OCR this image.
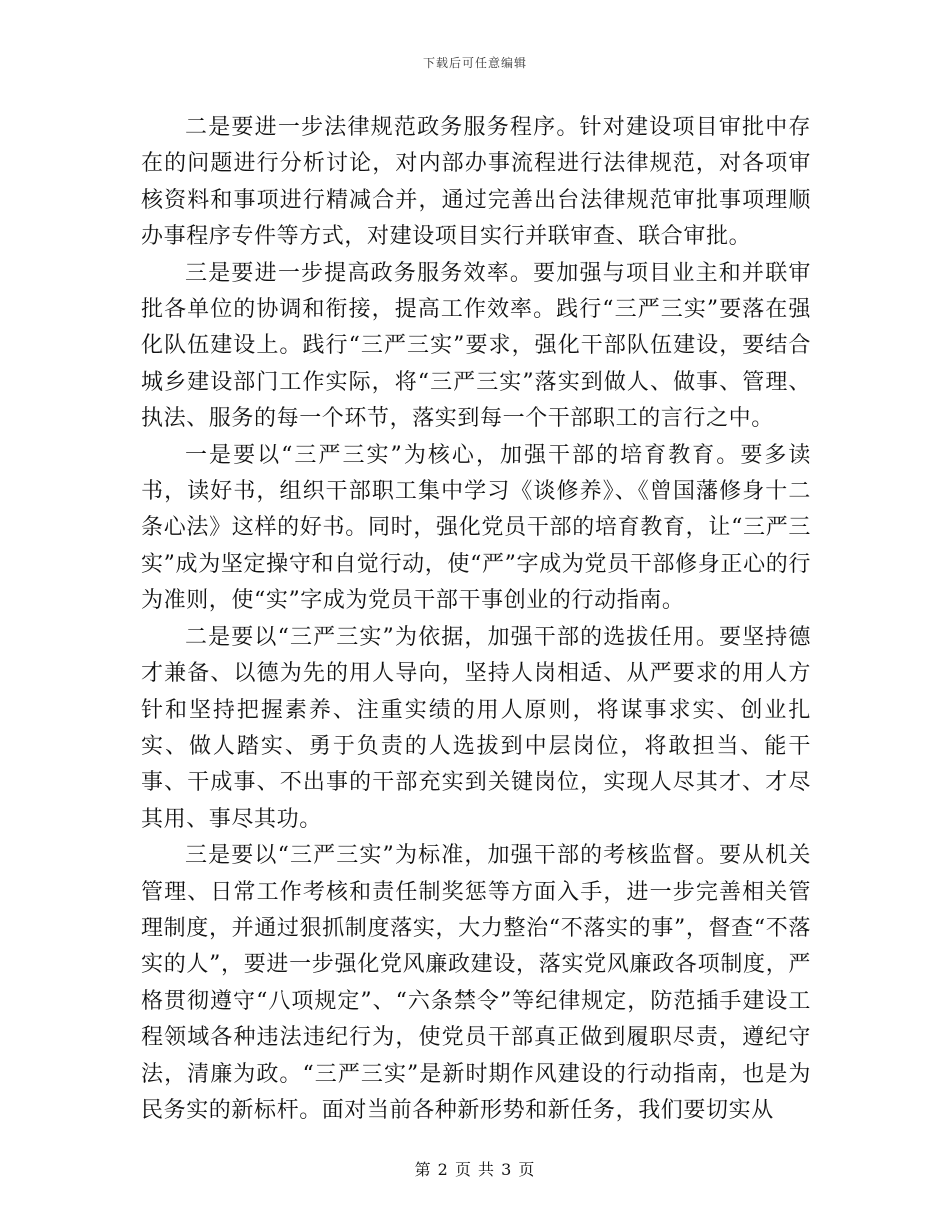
下载后可任意编辑

二是要进一步法律规范政务服务程序。针对建设项目审批中存在的问题进行分析讨论，对内部办事流程进行法律规范，对各项审核资料和事项进行精减合并，通过完善出台法律规范审批事项理顺办事程序专件等方式，对建设项目实行并联审查、联合审批。

三是要进一步提高政务服务效率。要加强与项目业主和并联审批各单位的协调和衔接，提高工作效率。践行“三严三实”要落在强化队伍建设上。践行“三严三实”要求，强化干部队伍建设，要结合城乡建设部门工作实际，将“三严三实”落实到做人、做事、管理、执法、服务的每一个环节，落实到每一个干部职工的言行之中。

一是要以“三严三实”为核心，加强干部的培育教育。要多读书，读好书，组织干部职工集中学习《谈修养》、《曾国藩修身十二条心法》这样的好书。同时，强化党员干部的培育教育，让“三严三实”成为坚定操守和自觉行动，使“严”字成为党员干部修身正心的行为准则，使“实”字成为党员干部干事创业的行动指南。

二是要以“三严三实”为依据，加强干部的选拔任用。要坚持德才兼备、以德为先的用人导向，坚持人岗相适、从严要求的用人方针和坚持把握素养、注重实绩的用人原则，将谋事求实、创业扎实、做人踏实、勇于负责的人选拔到中层岗位，将敢担当、能干事、干成事、不出事的干部充实到关键岗位，实现人尽其才、才尽其用、事尽其功。

三是要以“三严三实”为标准，加强干部的考核监督。要从机关管理、日常工作考核和责任制奖惩等方面入手，进一步完善相关管理制度，并通过狠抓制度落实，大力整治“不落实的事”，督查“不落实的人”，要进一步强化党风廉政建设，落实党风廉政各项制度，严格贯彻遵守“八项规定”、“六条禁令”等纪律规定，防范插手建设工程领域各种违法违纪行为，使党员干部真正做到履职尽责，遵纪守法，清廉为政。“三严三实”是新时期作风建设的行动指南，也是为民务实的新标杆。面对当前各种新形势和新任务，我们要切实从

第 2 页 共 3 页
